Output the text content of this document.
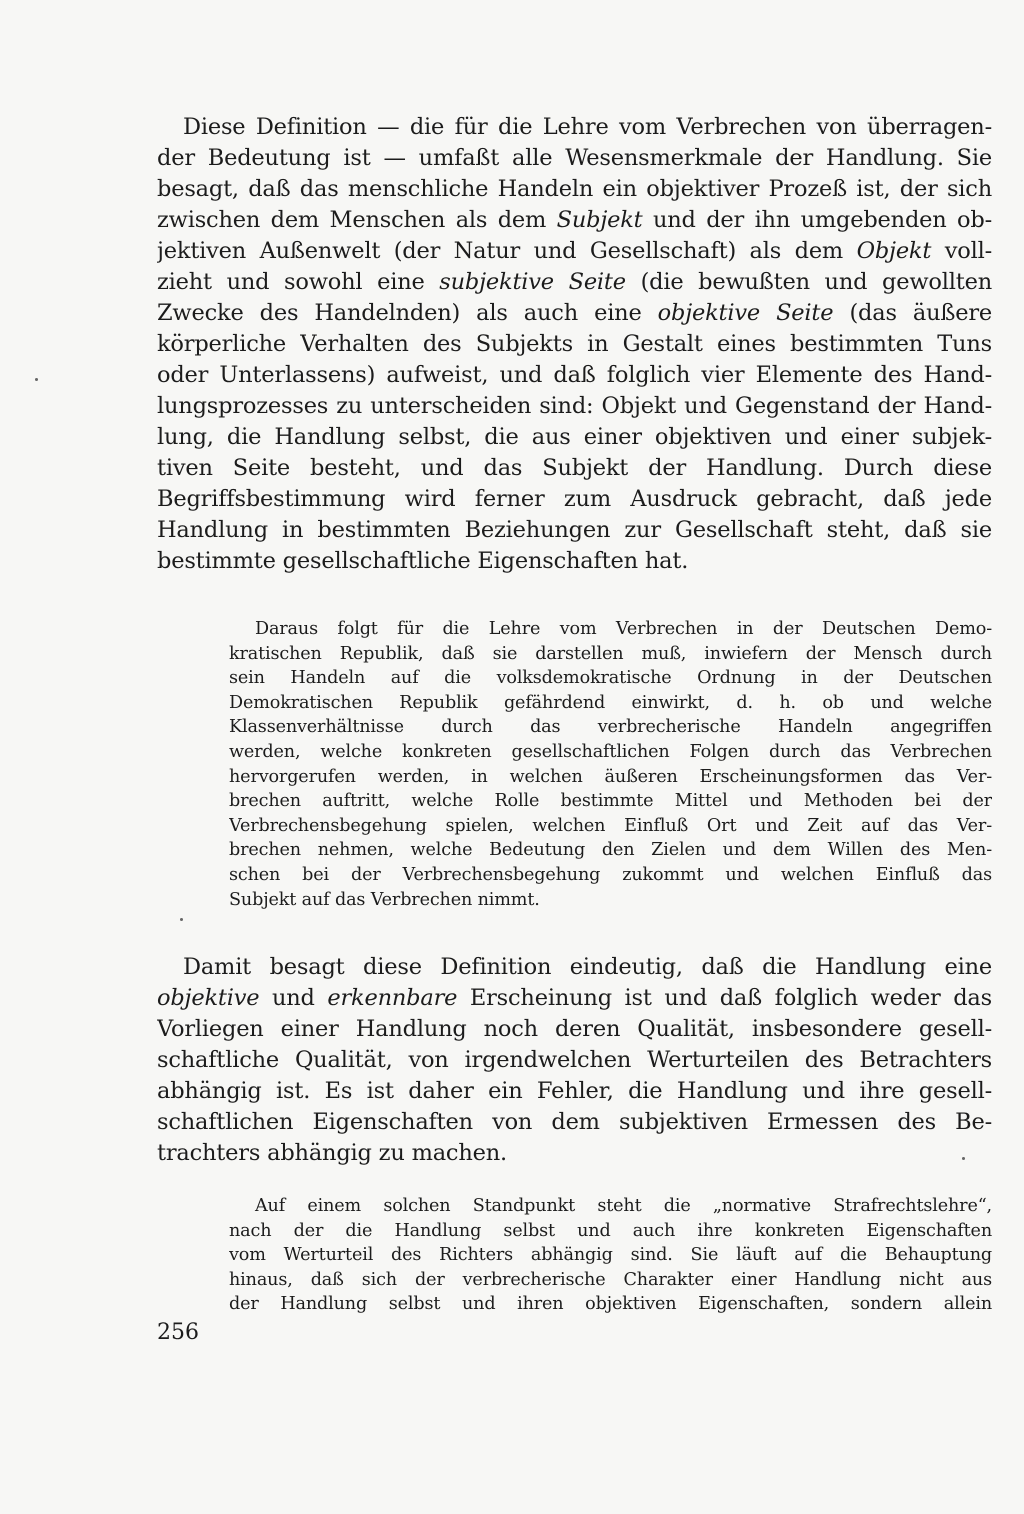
Diese Definition — die für die Lehre vom Verbrechen von überragen-
der Bedeutung ist — umfaßt alle Wesensmerkmale der Handlung. Sie
besagt, daß das menschliche Handeln ein objektiver Prozeß ist, der sich
zwischen dem Menschen als dem Subjekt und der ihn umgebenden ob-
jektiven Außenwelt (der Natur und Gesellschaft) als dem Objekt voll-
zieht und sowohl eine subjektive Seite (die bewußten und gewollten
Zwecke des Handelnden) als auch eine objektive Seite (das äußere
körperliche Verhalten des Subjekts in Gestalt eines bestimmten Tuns
oder Unterlassens) aufweist, und daß folglich vier Elemente des Hand-
lungsprozesses zu unterscheiden sind: Objekt und Gegenstand der Hand-
lung, die Handlung selbst, die aus einer objektiven und einer subjek-
tiven Seite besteht, und das Subjekt der Handlung. Durch diese
Begriffsbestimmung wird ferner zum Ausdruck gebracht, daß jede
Handlung in bestimmten Beziehungen zur Gesellschaft steht, daß sie
bestimmte gesellschaftliche Eigenschaften hat.
Daraus folgt für die Lehre vom Verbrechen in der Deutschen Demo-
kratischen Republik, daß sie darstellen muß, inwiefern der Mensch durch
sein Handeln auf die volksdemokratische Ordnung in der Deutschen
Demokratischen Republik gefährdend einwirkt, d. h. ob und welche
Klassenverhältnisse durch das verbrecherische Handeln angegriffen
werden, welche konkreten gesellschaftlichen Folgen durch das Verbrechen
hervorgerufen werden, in welchen äußeren Erscheinungsformen das Ver-
brechen auftritt, welche Rolle bestimmte Mittel und Methoden bei der
Verbrechensbegehung spielen, welchen Einfluß Ort und Zeit auf das Ver-
brechen nehmen, welche Bedeutung den Zielen und dem Willen des Men-
schen bei der Verbrechensbegehung zukommt und welchen Einfluß das
Subjekt auf das Verbrechen nimmt.
Damit besagt diese Definition eindeutig, daß die Handlung eine
objektive und erkennbare Erscheinung ist und daß folglich weder das
Vorliegen einer Handlung noch deren Qualität, insbesondere gesell-
schaftliche Qualität, von irgendwelchen Werturteilen des Betrachters
abhängig ist. Es ist daher ein Fehler, die Handlung und ihre gesell-
schaftlichen Eigenschaften von dem subjektiven Ermessen des Be-
trachters abhängig zu machen.
Auf einem solchen Standpunkt steht die „normative Strafrechtslehre“,
nach der die Handlung selbst und auch ihre konkreten Eigenschaften
vom Werturteil des Richters abhängig sind. Sie läuft auf die Behauptung
hinaus, daß sich der verbrecherische Charakter einer Handlung nicht aus
der Handlung selbst und ihren objektiven Eigenschaften, sondern allein
256
